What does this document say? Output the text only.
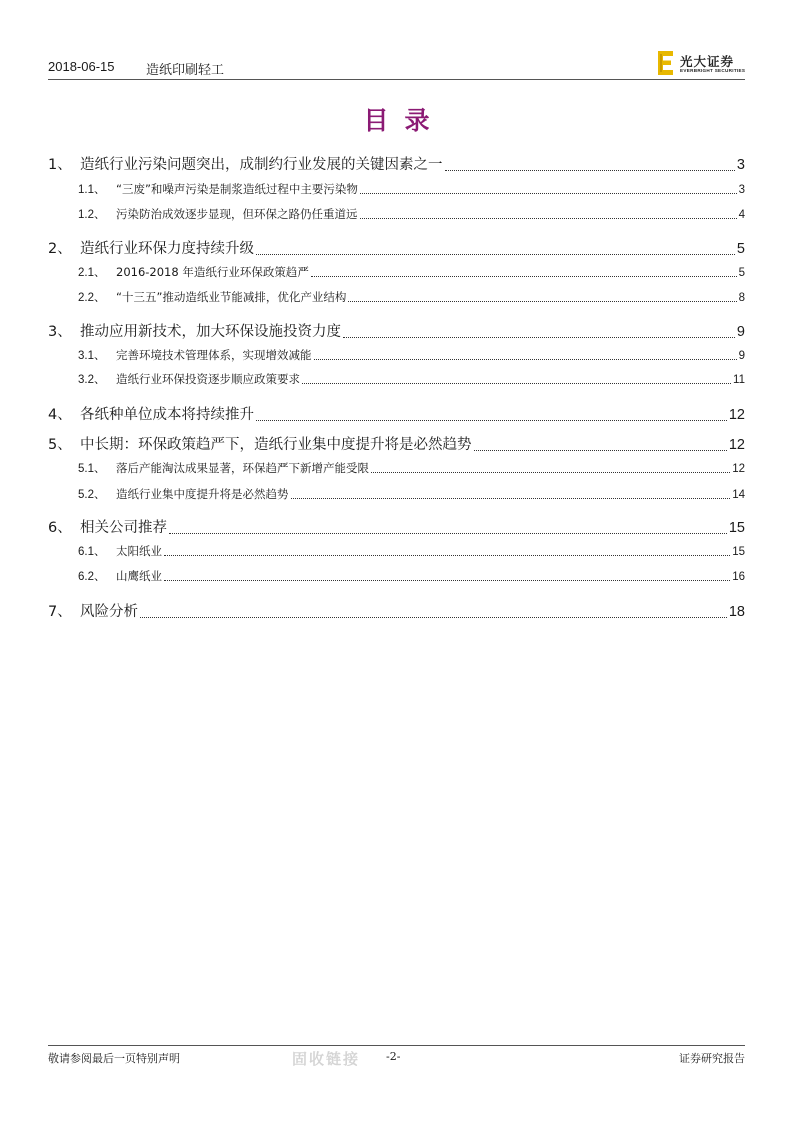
2018-06-15 造纸印刷轻工
光大证券
EVERBRIGHT SECURITIES
目录
1、 造纸行业污染问题突出，成制约行业发展的关键因素之一	3
1.1、 “三废”和噪声污染是制浆造纸过程中主要污染物	3
1.2、 污染防治成效逐步显现，但环保之路仍任重道远	4
2、 造纸行业环保力度持续升级	5
2.1、 2016-2018 年造纸行业环保政策趋严	5
2.2、 “十三五”推动造纸业节能减排，优化产业结构	8
3、 推动应用新技术，加大环保设施投资力度	9
3.1、 完善环境技术管理体系，实现增效减能	9
3.2、 造纸行业环保投资逐步顺应政策要求	11
4、 各纸种单位成本将持续推升	12
5、 中长期：环保政策趋严下，造纸行业集中度提升将是必然趋势	12
5.1、 落后产能淘汰成果显著，环保趋严下新增产能受限	12
5.2、 造纸行业集中度提升将是必然趋势	14
6、 相关公司推荐	15
6.1、 太阳纸业	15
6.2、 山鹰纸业	16
7、 风险分析	18
敬请参阅最后一页特别声明	固收链接 -2-	证券研究报告
